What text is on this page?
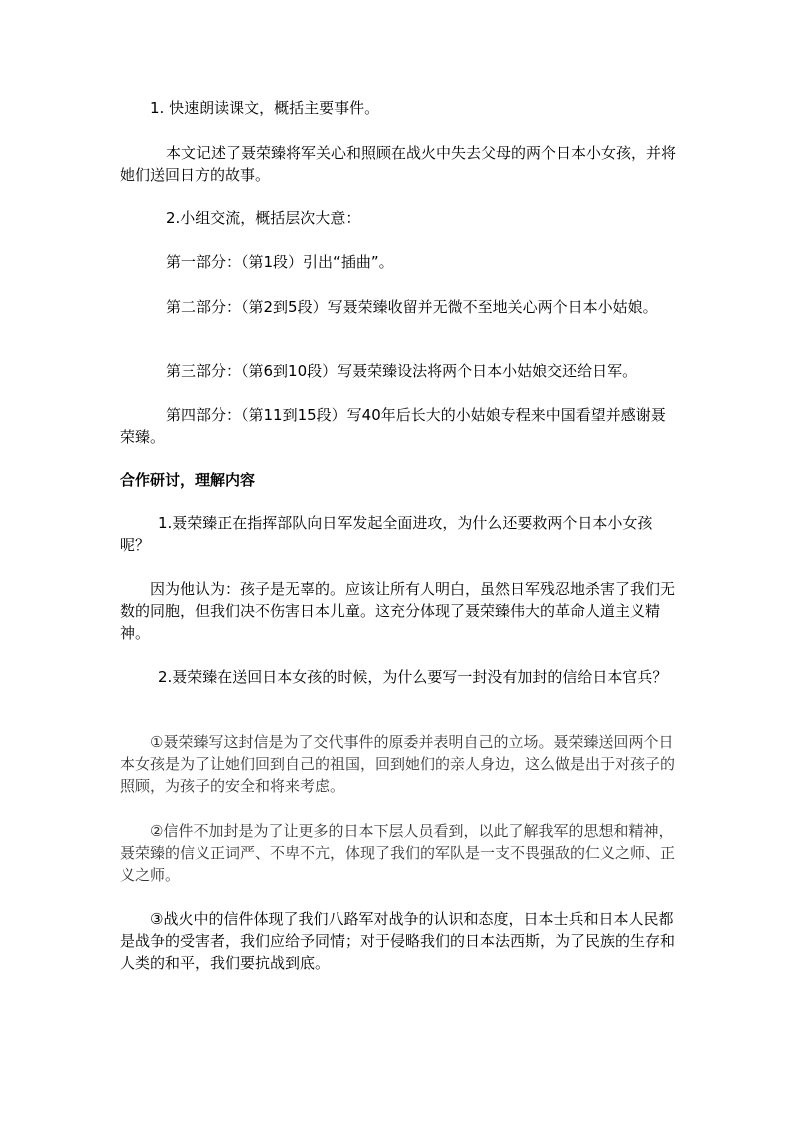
1. 快速朗读课文，概括主要事件。
本文记述了聂荣臻将军关心和照顾在战火中失去父母的两个日本小女孩，并将她们送回日方的故事。
2.小组交流，概括层次大意：
第一部分：（第1段）引出“插曲”。
第二部分：（第2到5段）写聂荣臻收留并无微不至地关心两个日本小姑娘。
第三部分：（第6到10段）写聂荣臻设法将两个日本小姑娘交还给日军。
第四部分：（第11到15段）写40年后长大的小姑娘专程来中国看望并感谢聂荣臻。
合作研讨，理解内容
1.聂荣臻正在指挥部队向日军发起全面进攻，为什么还要救两个日本小女孩呢？
因为他认为：孩子是无辜的。应该让所有人明白，虽然日军残忍地杀害了我们无数的同胞，但我们决不伤害日本儿童。这充分体现了聂荣臻伟大的革命人道主义精神。
2.聂荣臻在送回日本女孩的时候，为什么要写一封没有加封的信给日本官兵？
①聂荣臻写这封信是为了交代事件的原委并表明自己的立场。聂荣臻送回两个日本女孩是为了让她们回到自己的祖国，回到她们的亲人身边，这么做是出于对孩子的照顾，为孩子的安全和将来考虑。
②信件不加封是为了让更多的日本下层人员看到，以此了解我军的思想和精神，聂荣臻的信义正词严、不卑不亢，体现了我们的军队是一支不畏强敌的仁义之师、正义之师。
③战火中的信件体现了我们八路军对战争的认识和态度，日本士兵和日本人民都是战争的受害者，我们应给予同情；对于侵略我们的日本法西斯，为了民族的生存和人类的和平，我们要抗战到底。
